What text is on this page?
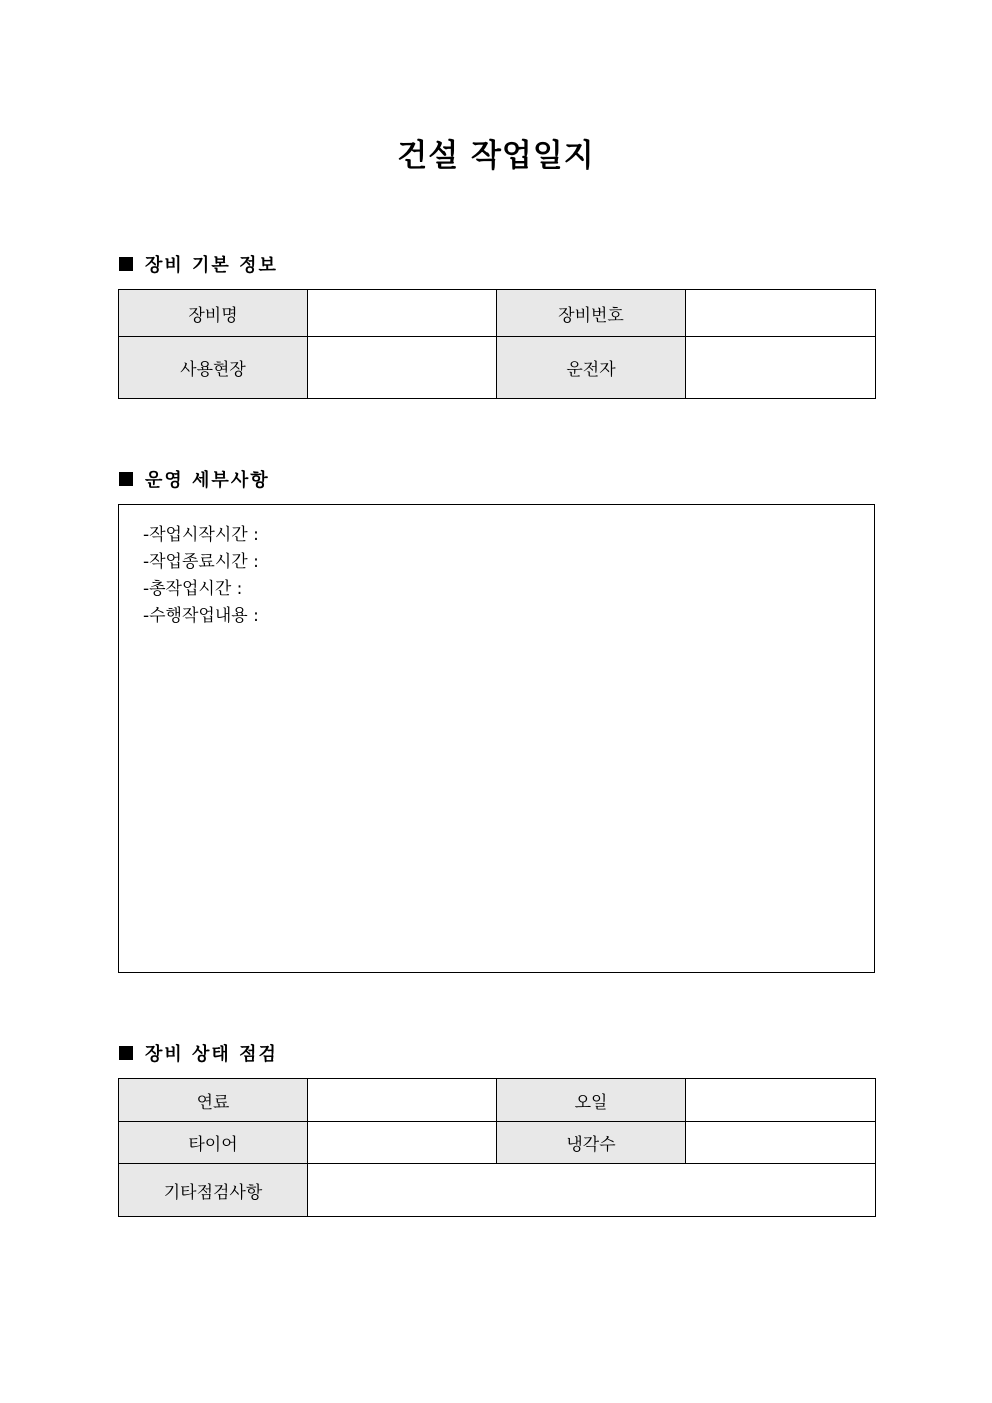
건설 작업일지
장비 기본 정보
장비명		장비번호	
사용현장		운전자	
운영 세부사항
-작업시작시간 :
-작업종료시간 :
-총작업시간 :
-수행작업내용 :
장비 상태 점검
연료		오일	
타이어		냉각수	
기타점검사항			
